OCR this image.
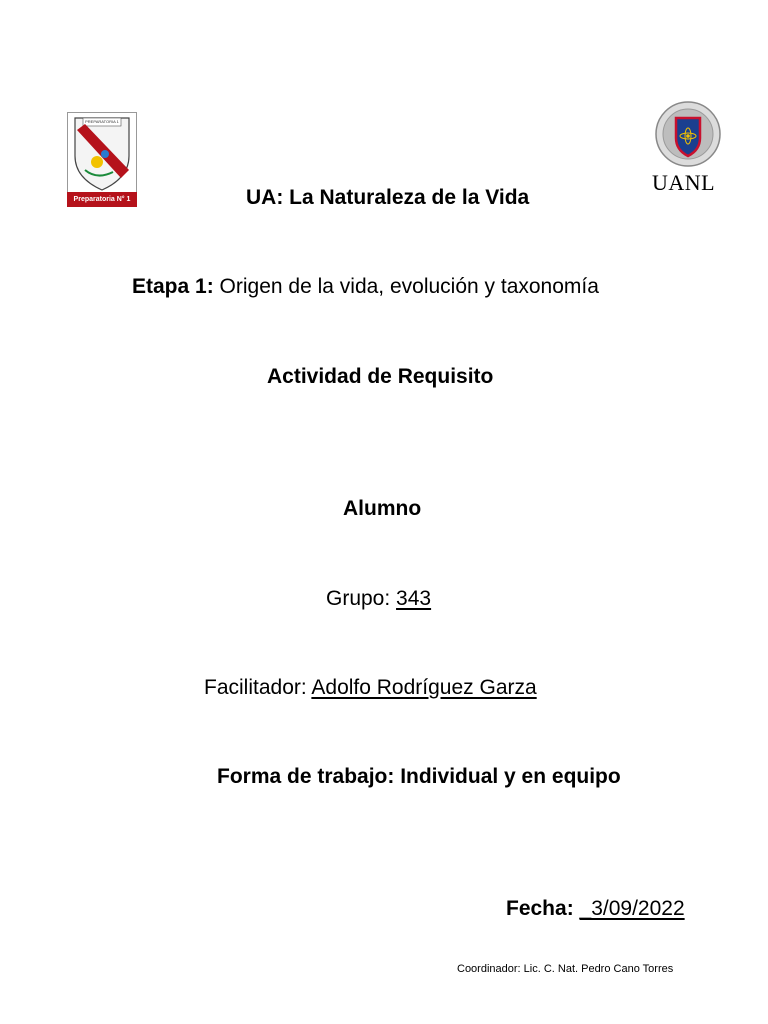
Preparatoria N° 1
PREPARATORIA 1
UANL
UA: La Naturaleza de la Vida
Etapa 1: Origen de la vida, evolución y taxonomía
Actividad de Requisito
Alumno
Grupo: 343
Facilitador: Adolfo Rodríguez Garza
Forma de trabajo: Individual y en equipo
Fecha: _3/09/2022
Coordinador: Lic. C. Nat. Pedro Cano Torres
